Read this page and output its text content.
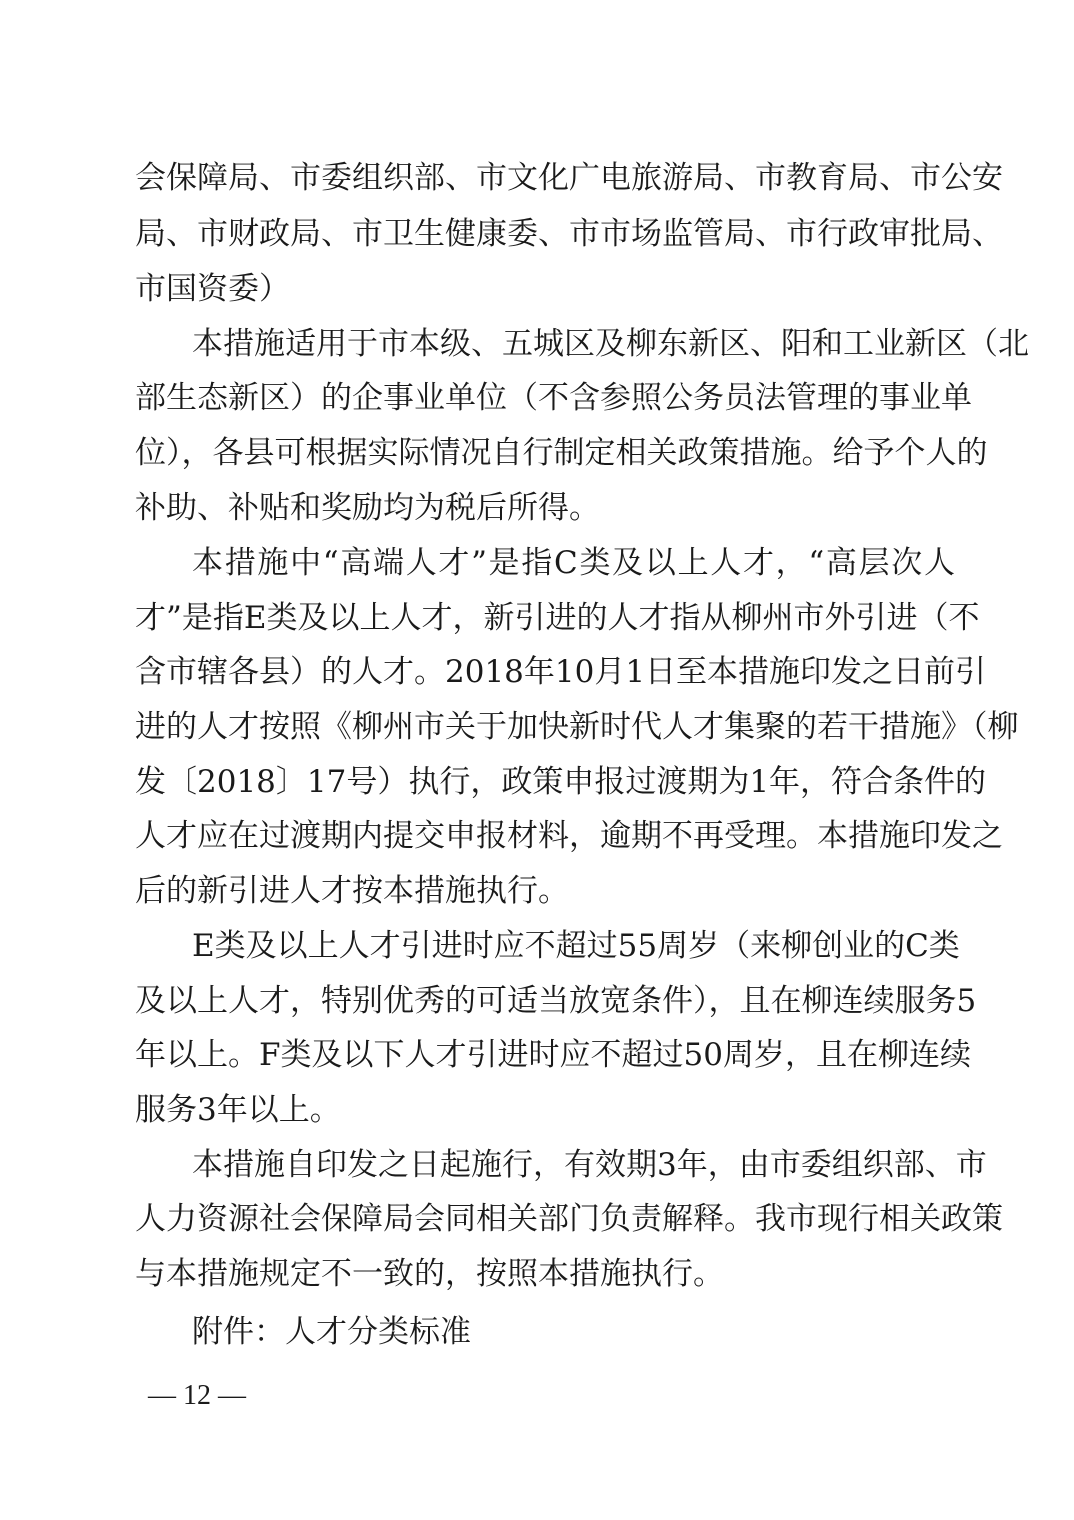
会保障局、市委组织部、市文化广电旅游局、市教育局、市公安
局、市财政局、市卫生健康委、市市场监管局、市行政审批局、
市国资委）
本措施适用于市本级、五城区及柳东新区、阳和工业新区（北
部生态新区）的企事业单位（不含参照公务员法管理的事业单
位），各县可根据实际情况自行制定相关政策措施。给予个人的
补助、补贴和奖励均为税后所得。
本措施中“高端人才”是指C类及以上人才，“高层次人
才”是指E类及以上人才，新引进的人才指从柳州市外引进（不
含市辖各县）的人才。2018年10月1日至本措施印发之日前引
进的人才按照《柳州市关于加快新时代人才集聚的若干措施》（柳
发〔2018〕17号）执行，政策申报过渡期为1年，符合条件的
人才应在过渡期内提交申报材料，逾期不再受理。本措施印发之
后的新引进人才按本措施执行。
E类及以上人才引进时应不超过55周岁（来柳创业的C类
及以上人才，特别优秀的可适当放宽条件），且在柳连续服务5
年以上。F类及以下人才引进时应不超过50周岁，且在柳连续
服务3年以上。
本措施自印发之日起施行，有效期3年，由市委组织部、市
人力资源社会保障局会同相关部门负责解释。我市现行相关政策
与本措施规定不一致的，按照本措施执行。
附件：人才分类标准
— 12 —
